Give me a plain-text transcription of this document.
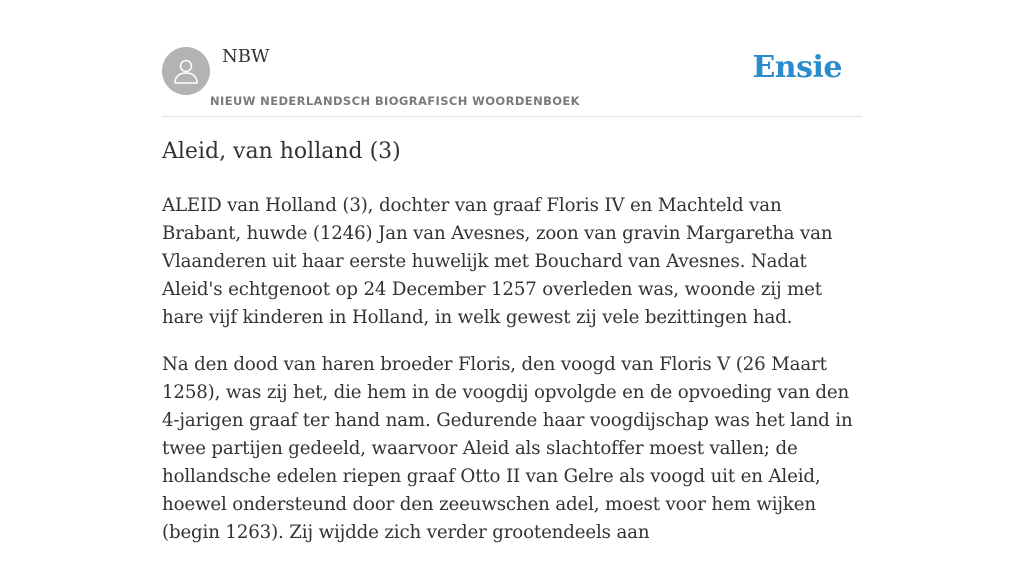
NBW
NIEUW NEDERLANDSCH BIOGRAFISCH WOORDENBOEK
Ensie
Aleid, van holland (3)

ALEID van Holland (3), dochter van graaf Floris IV en Machteld van Brabant, huwde (1246) Jan van Avesnes, zoon van gravin Margaretha van Vlaanderen uit haar eerste huwelijk met Bouchard van Avesnes. Nadat Aleid's echtgenoot op 24 December 1257 overleden was, woonde zij met hare vijf kinderen in Holland, in welk gewest zij vele bezittingen had.

Na den dood van haren broeder Floris, den voogd van Floris V (26 Maart 1258), was zij het, die hem in de voogdij opvolgde en de opvoeding van den 4-jarigen graaf ter hand nam. Gedurende haar voogdijschap was het land in twee partijen gedeeld, waarvoor Aleid als slachtoffer moest vallen; de hollandsche edelen riepen graaf Otto II van Gelre als voogd uit en Aleid, hoewel ondersteund door den zeeuwschen adel, moest voor hem wijken (begin 1263). Zij wijdde zich verder grootendeels aan
